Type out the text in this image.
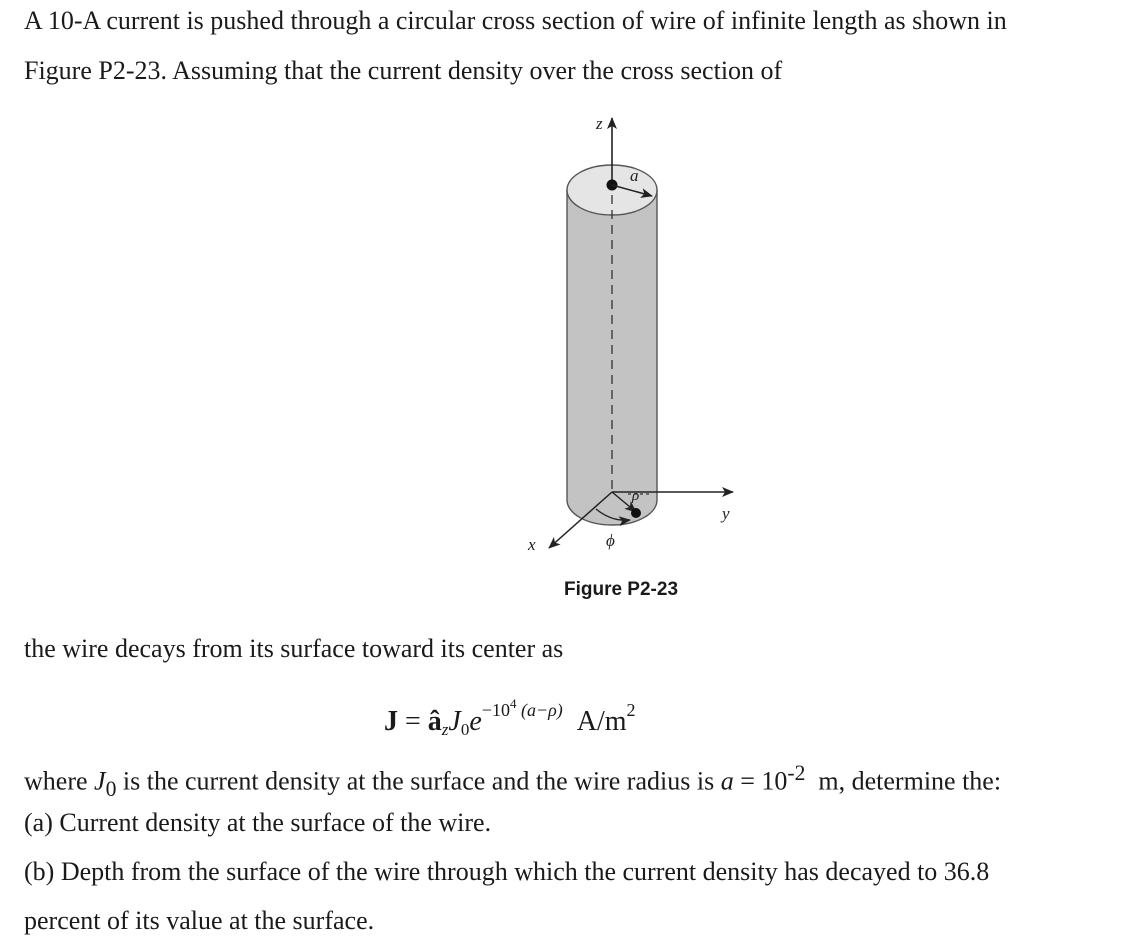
A 10-A current is pushed through a circular cross section of wire of infinite length as shown in
Figure P2-23. Assuming that the current density over the cross section of
z
a
y
x
ρ
ϕ
Figure P2-23
the wire decays from its surface toward its center as
$J = â_zJ_0e^{-10^4 (a-\rho)}$ $A/m^2$
where $J_0$ is the current density at the surface and the wire radius is $a = 10^{-2}$  m, determine the:
(a) Current density at the surface of the wire.
(b) Depth from the surface of the wire through which the current density has decayed to 36.8
percent of its value at the surface.
